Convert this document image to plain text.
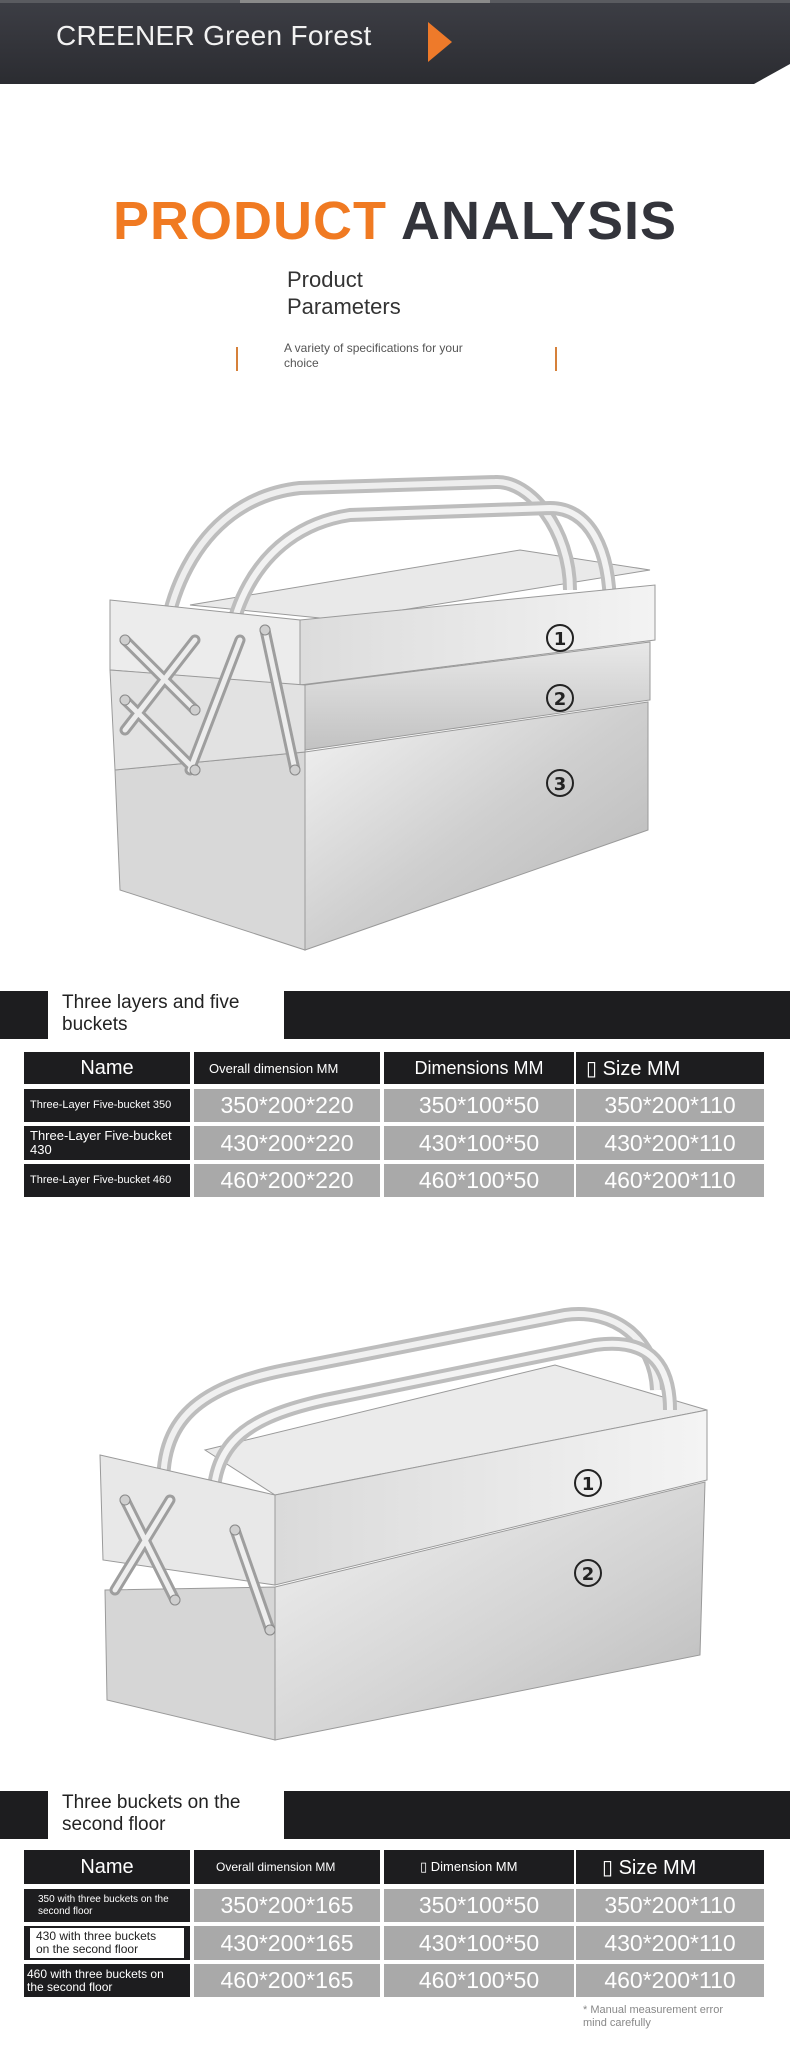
CREENER Green Forest
PRODUCT ANALYSIS
Product
Parameters
A variety of specifications for your
choice
1
2
3
Three layers and five
buckets
Name	Overall dimension MM	Dimensions MM	▯ Size MM
Three-Layer Five-bucket 350	350*200*220	350*100*50	350*200*110
Three-Layer Five-bucket
430	430*200*220	430*100*50	430*200*110
Three-Layer Five-bucket 460	460*200*220	460*100*50	460*200*110
1
2
Three buckets on the
second floor
Name	Overall dimension MM	▯ Dimension MM	▯ Size MM
350 with three buckets on the
second floor	350*200*165	350*100*50	350*200*110
430 with three buckets
on the second floor	430*200*165	430*100*50	430*200*110
460 with three buckets on
the second floor	460*200*165	460*100*50	460*200*110
* Manual measurement error
mind carefully
